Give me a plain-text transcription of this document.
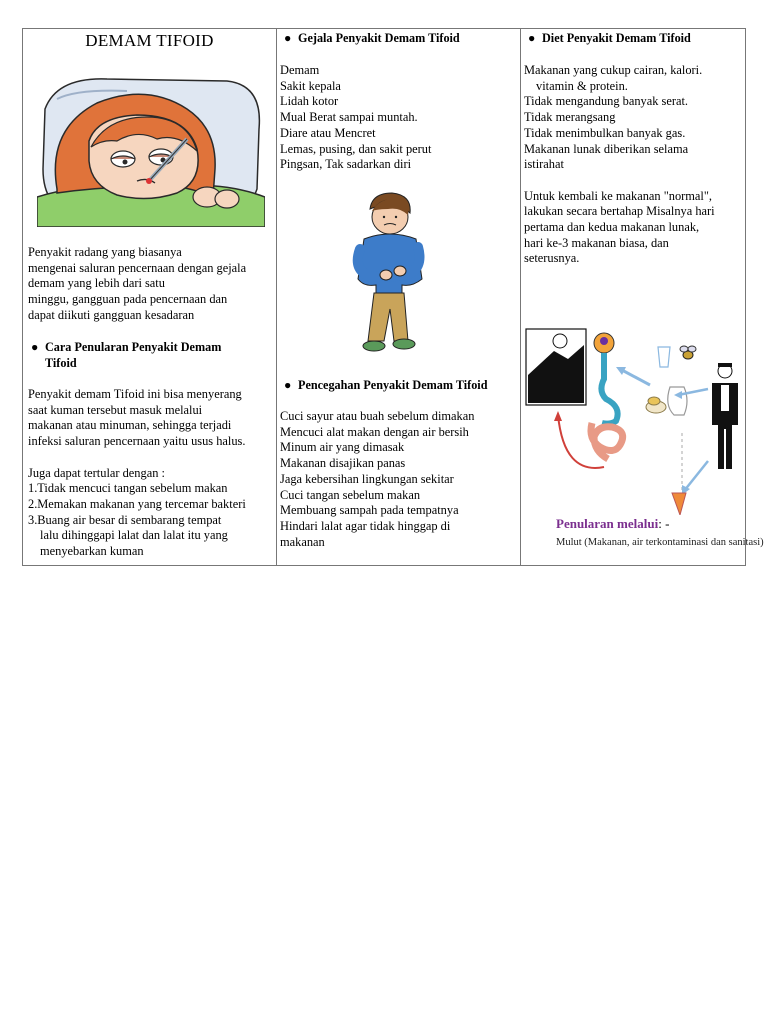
DEMAM TIFOID
Penyakit radang yang biasanya
mengenai saluran pencernaan dengan gejala
demam yang lebih dari satu
minggu, gangguan pada pencernaan dan
dapat diikuti gangguan kesadaran
● Cara Penularan Penyakit Demam
Tifoid
Penyakit demam Tifoid ini bisa menyerang
saat kuman tersebut masuk melalui
makanan atau minuman, sehingga terjadi
infeksi saluran pencernaan yaitu usus halus.
Juga dapat tertular dengan :
1.Tidak mencuci tangan sebelum makan
2.Memakan makanan yang tercemar bakteri
3.Buang air besar di sembarang tempat
lalu dihinggapi lalat dan lalat itu yang
menyebarkan kuman
● Gejala Penyakit Demam Tifoid
Demam
Sakit kepala
Lidah kotor
Mual Berat sampai muntah.
Diare atau Mencret
Lemas, pusing, dan sakit perut
Pingsan, Tak sadarkan diri
● Pencegahan Penyakit Demam Tifoid
Cuci sayur atau buah sebelum dimakan
Mencuci alat makan dengan air bersih
Minum air yang dimasak
Makanan disajikan panas
Jaga kebersihan lingkungan sekitar
Cuci tangan sebelum makan
Membuang sampah pada tempatnya
Hindari lalat agar tidak hinggap di
makanan
● Diet Penyakit Demam Tifoid
Makanan yang cukup cairan, kalori.
vitamin & protein.
Tidak mengandung banyak serat.
Tidak merangsang
Tidak menimbulkan banyak gas.
Makanan lunak diberikan selama
istirahat
Untuk kembali ke makanan "normal",
lakukan secara bertahap Misalnya hari
pertama dan kedua makanan lunak,
hari ke-3 makanan biasa, dan
seterusnya.
Penularan melalui: -
Mulut (Makanan, air terkontaminasi dan sanitasi)
